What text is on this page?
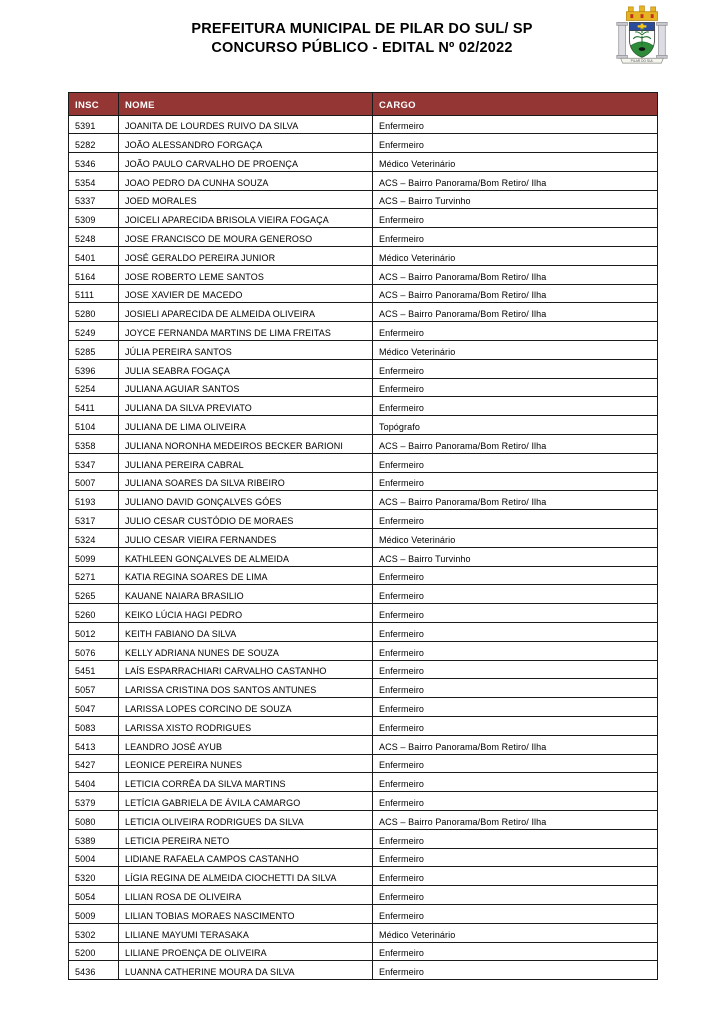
PREFEITURA MUNICIPAL DE PILAR DO SUL/ SP
CONCURSO PÚBLICO - EDITAL Nº 02/2022
PILAR DO SUL
INSC	NOME	CARGO
5391	JOANITA DE LOURDES RUIVO DA SILVA	Enfermeiro
5282	JOÃO ALESSANDRO FORGAÇA	Enfermeiro
5346	JOÃO PAULO CARVALHO DE PROENÇA	Médico Veterinário
5354	JOAO PEDRO DA CUNHA SOUZA	ACS – Bairro Panorama/Bom Retiro/ Ilha
5337	JOED MORALES	ACS – Bairro Turvinho
5309	JOICELI APARECIDA BRISOLA VIEIRA FOGAÇA	Enfermeiro
5248	JOSE FRANCISCO DE MOURA GENEROSO	Enfermeiro
5401	JOSÉ GERALDO PEREIRA JUNIOR	Médico Veterinário
5164	JOSE ROBERTO LEME SANTOS	ACS – Bairro Panorama/Bom Retiro/ Ilha
5111	JOSE XAVIER DE MACEDO	ACS – Bairro Panorama/Bom Retiro/ Ilha
5280	JOSIELI APARECIDA DE ALMEIDA OLIVEIRA	ACS – Bairro Panorama/Bom Retiro/ Ilha
5249	JOYCE FERNANDA MARTINS DE LIMA FREITAS	Enfermeiro
5285	JÚLIA PEREIRA SANTOS	Médico Veterinário
5396	JULIA SEABRA FOGAÇA	Enfermeiro
5254	JULIANA AGUIAR SANTOS	Enfermeiro
5411	JULIANA DA SILVA PREVIATO	Enfermeiro
5104	JULIANA DE LIMA OLIVEIRA	Topógrafo
5358	JULIANA NORONHA MEDEIROS BECKER BARIONI	ACS – Bairro Panorama/Bom Retiro/ Ilha
5347	JULIANA PEREIRA CABRAL	Enfermeiro
5007	JULIANA SOARES DA SILVA RIBEIRO	Enfermeiro
5193	JULIANO DAVID GONÇALVES GÓES	ACS – Bairro Panorama/Bom Retiro/ Ilha
5317	JULIO CESAR CUSTÓDIO DE MORAES	Enfermeiro
5324	JULIO CESAR VIEIRA FERNANDES	Médico Veterinário
5099	KATHLEEN GONÇALVES DE ALMEIDA	ACS – Bairro Turvinho
5271	KATIA REGINA SOARES DE LIMA	Enfermeiro
5265	KAUANE NAIARA BRASILIO	Enfermeiro
5260	KEIKO LÚCIA HAGI PEDRO	Enfermeiro
5012	KEITH FABIANO DA SILVA	Enfermeiro
5076	KELLY ADRIANA NUNES DE SOUZA	Enfermeiro
5451	LAÍS ESPARRACHIARI CARVALHO CASTANHO	Enfermeiro
5057	LARISSA CRISTINA DOS SANTOS ANTUNES	Enfermeiro
5047	LARISSA LOPES CORCINO DE SOUZA	Enfermeiro
5083	LARISSA XISTO RODRIGUES	Enfermeiro
5413	LEANDRO JOSÉ AYUB	ACS – Bairro Panorama/Bom Retiro/ Ilha
5427	LEONICE PEREIRA NUNES	Enfermeiro
5404	LETICIA CORRÊA DA SILVA MARTINS	Enfermeiro
5379	LETÍCIA GABRIELA DE ÁVILA CAMARGO	Enfermeiro
5080	LETICIA OLIVEIRA RODRIGUES DA SILVA	ACS – Bairro Panorama/Bom Retiro/ Ilha
5389	LETICIA PEREIRA NETO	Enfermeiro
5004	LIDIANE RAFAELA CAMPOS CASTANHO	Enfermeiro
5320	LÍGIA REGINA DE ALMEIDA CIOCHETTI DA SILVA	Enfermeiro
5054	LILIAN ROSA DE OLIVEIRA	Enfermeiro
5009	LILIAN TOBIAS MORAES NASCIMENTO	Enfermeiro
5302	LILIANE MAYUMI TERASAKA	Médico Veterinário
5200	LILIANE PROENÇA DE OLIVEIRA	Enfermeiro
5436	LUANNA CATHERINE MOURA DA SILVA	Enfermeiro
